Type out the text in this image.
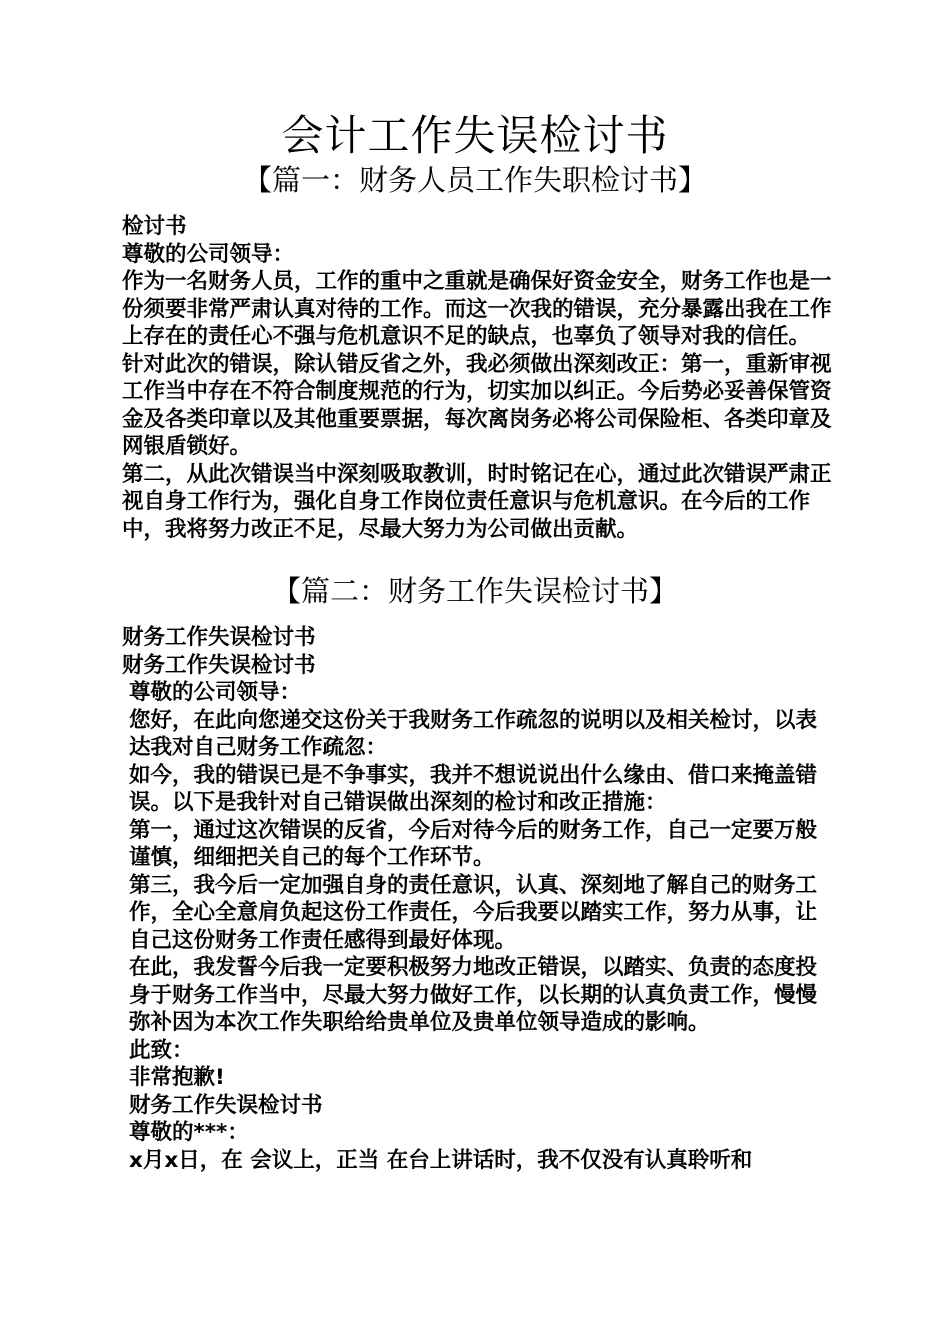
会计工作失误检讨书
【篇一：财务人员工作失职检讨书】

检讨书

尊敬的公司领导：

作为一名财务人员，工作的重中之重就是确保好资金安全，财务工作也是一份须要非常严肃认真对待的工作。而这一次我的错误，充分暴露出我在工作上存在的责任心不强与危机意识不足的缺点，也辜负了领导对我的信任。

针对此次的错误，除认错反省之外，我必须做出深刻改正：第一，重新审视工作当中存在不符合制度规范的行为，切实加以纠正。今后势必妥善保管资金及各类印章以及其他重要票据，每次离岗务必将公司保险柜、各类印章及网银盾锁好。

第二，从此次错误当中深刻吸取教训，时时铭记在心，通过此次错误严肃正视自身工作行为，强化自身工作岗位责任意识与危机意识。在今后的工作中，我将努力改正不足，尽最大努力为公司做出贡献。

【篇二：财务工作失误检讨书】

财务工作失误检讨书

财务工作失误检讨书

尊敬的公司领导：

您好，在此向您递交这份关于我财务工作疏忽的说明以及相关检讨，以表达我对自己财务工作疏忽：

如今，我的错误已是不争事实，我并不想说说出什么缘由、借口来掩盖错误。以下是我针对自己错误做出深刻的检讨和改正措施：

第一，通过这次错误的反省，今后对待今后的财务工作，自己一定要万般谨慎，细细把关自己的每个工作环节。

第三，我今后一定加强自身的责任意识，认真、深刻地了解自己的财务工作，全心全意肩负起这份工作责任，今后我要以踏实工作，努力从事，让自己这份财务工作责任感得到最好体现。

在此，我发誓今后我一定要积极努力地改正错误，以踏实、负责的态度投身于财务工作当中，尽最大努力做好工作，以长期的认真负责工作，慢慢弥补因为本次工作失职给给贵单位及贵单位领导造成的影响。

此致：

非常抱歉!

财务工作失误检讨书

尊敬的***：

x月x日，在 会议上，正当 在台上讲话时，我不仅没有认真聆听和
